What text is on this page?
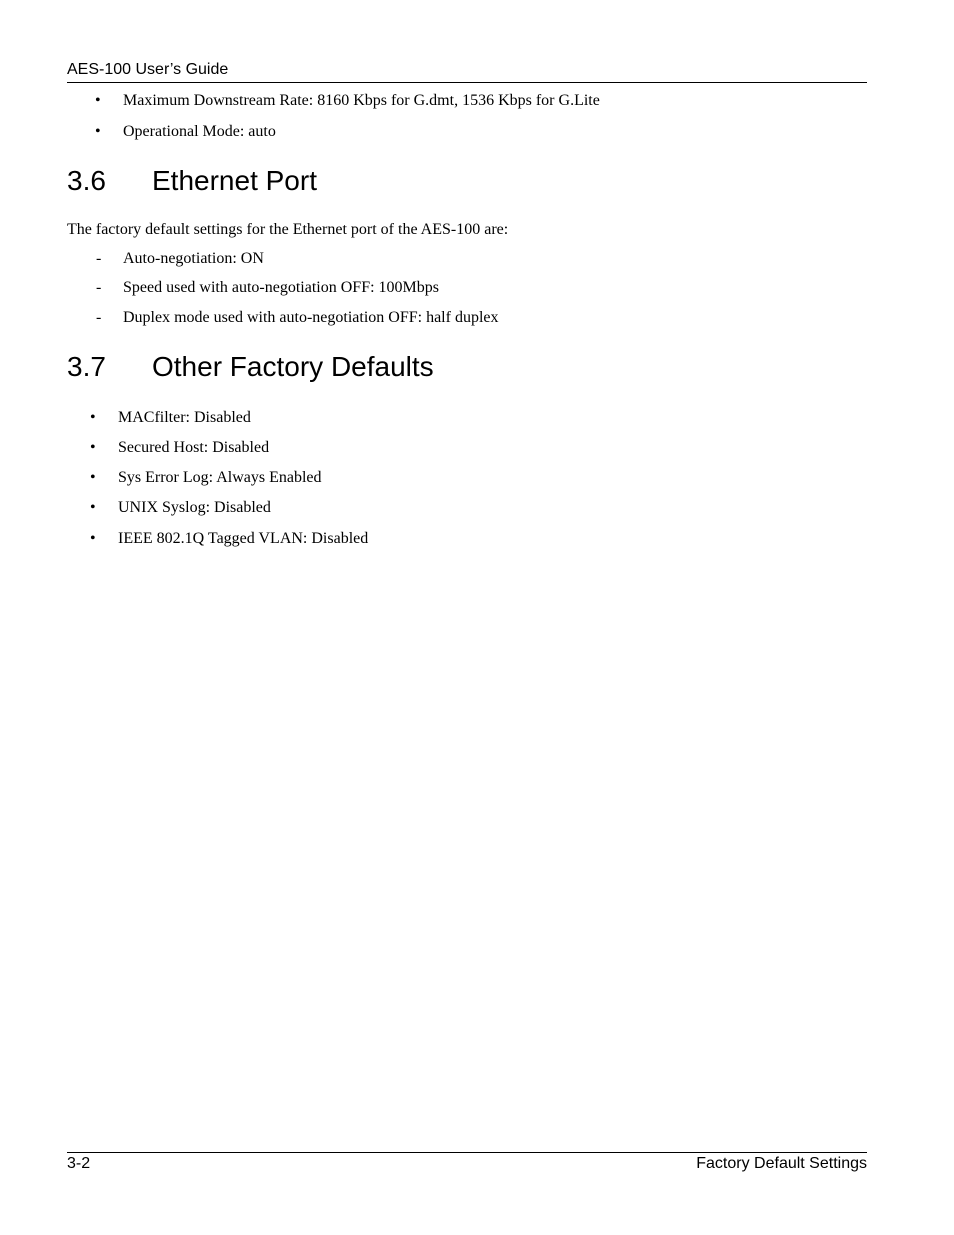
AES-100 User’s Guide
• Maximum Downstream Rate: 8160 Kbps for G.dmt, 1536 Kbps for G.Lite
• Operational Mode: auto
3.6 Ethernet Port
The factory default settings for the Ethernet port of the AES-100 are:
- Auto-negotiation: ON
- Speed used with auto-negotiation OFF: 100Mbps
- Duplex mode used with auto-negotiation OFF: half duplex
3.7 Other Factory Defaults
• MACfilter: Disabled
• Secured Host: Disabled
• Sys Error Log: Always Enabled
• UNIX Syslog: Disabled
• IEEE 802.1Q Tagged VLAN: Disabled
3-2	Factory Default Settings
